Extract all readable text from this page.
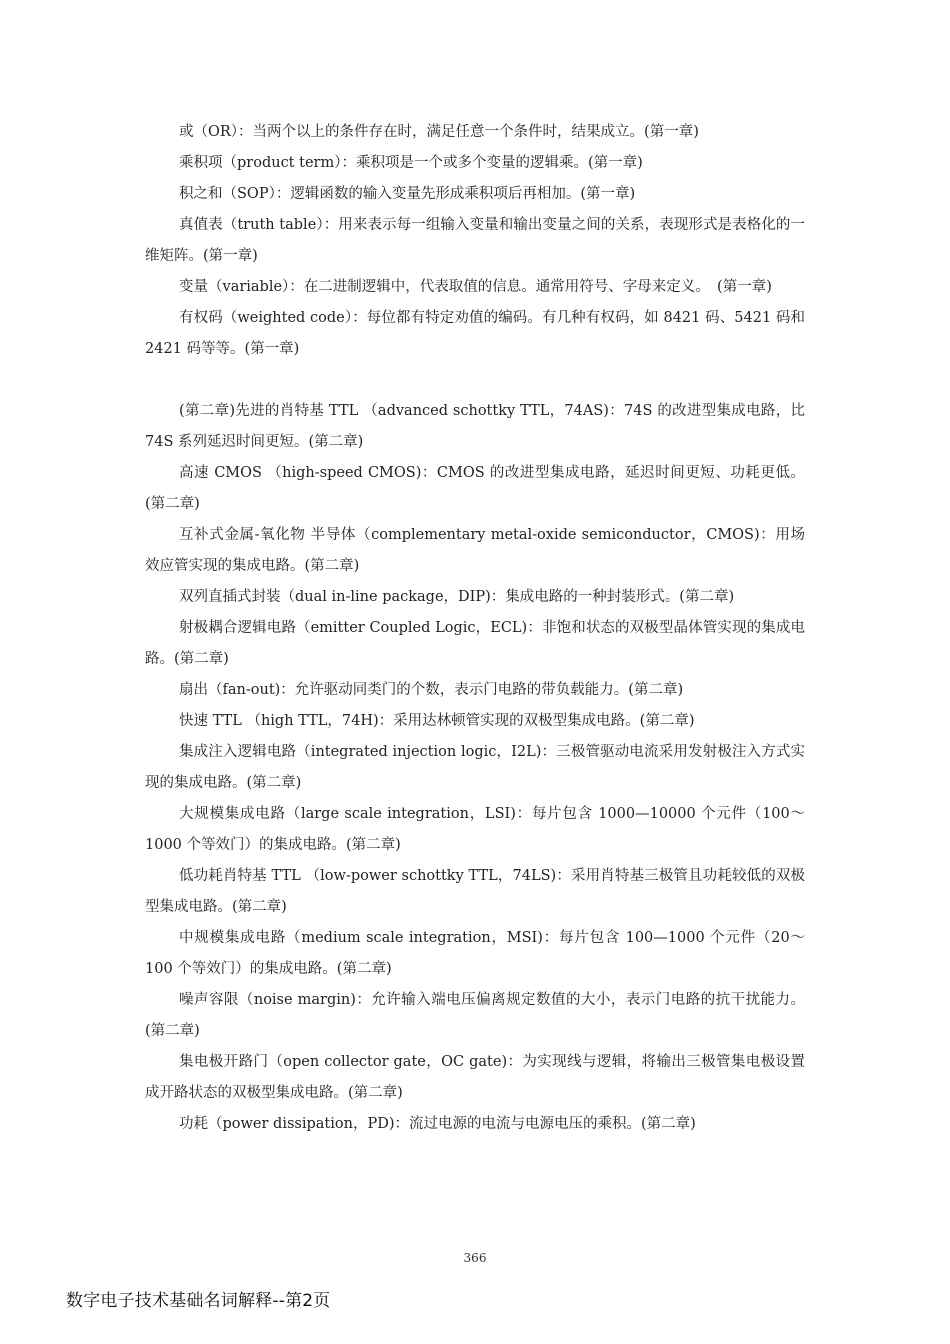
或（OR）：当两个以上的条件存在时，满足任意一个条件时，结果成立。(第一章)

乘积项（product term）：乘积项是一个或多个变量的逻辑乘。(第一章)

积之和（SOP）：逻辑函数的输入变量先形成乘积项后再相加。(第一章)

真值表（truth table）：用来表示每一组输入变量和输出变量之间的关系，表现形式是表格化的一维矩阵。(第一章)

变量（variable）：在二进制逻辑中，代表取值的信息。通常用符号、字母来定义。　(第一章)

有权码（weighted code）：每位都有特定劝值的编码。有几种有权码，如 8421 码、5421 码和 2421 码等等。(第一章)

(第二章)先进的肖特基 TTL （advanced schottky TTL，74AS)：74S 的改进型集成电路，比 74S 系列延迟时间更短。(第二章)

高速 CMOS （high-speed CMOS)：CMOS 的改进型集成电路，延迟时间更短、功耗更低。(第二章)

互补式金属-氧化物 半导体（complementary metal-oxide semiconductor，CMOS)：用场效应管实现的集成电路。(第二章)

双列直插式封装（dual in-line package，DIP)：集成电路的一种封装形式。(第二章)

射极耦合逻辑电路（emitter Coupled Logic，ECL)：非饱和状态的双极型晶体管实现的集成电路。(第二章)

扇出（fan-out)：允许驱动同类门的个数，表示门电路的带负载能力。(第二章)

快速 TTL （high TTL，74H)：采用达林顿管实现的双极型集成电路。(第二章)

集成注入逻辑电路（integrated injection logic，I2L)：三极管驱动电流采用发射极注入方式实现的集成电路。(第二章)

大规模集成电路（large scale integration，LSI)：每片包含 1000—10000 个元件（100～1000 个等效门）的集成电路。(第二章)

低功耗肖特基 TTL （low-power schottky TTL，74LS)：采用肖特基三极管且功耗较低的双极型集成电路。(第二章)

中规模集成电路（medium scale integration，MSI)：每片包含 100—1000 个元件（20～100 个等效门）的集成电路。(第二章)

噪声容限（noise margin)：允许输入端电压偏离规定数值的大小，表示门电路的抗干扰能力。(第二章)

集电极开路门（open collector gate，OC gate)：为实现线与逻辑，将输出三极管集电极设置成开路状态的双极型集成电路。(第二章)

功耗（power dissipation，PD)：流过电源的电流与电源电压的乘积。(第二章)

366
数字电子技术基础名词解释--第2页
